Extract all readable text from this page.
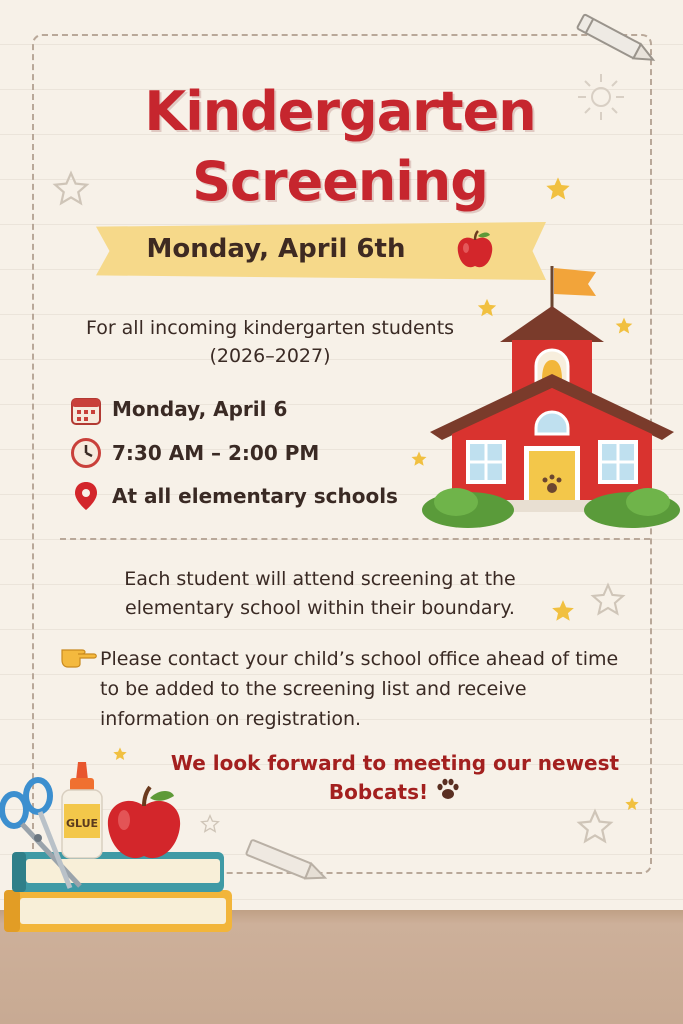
Kindergarten
Screening
Monday, April 6th
For all incoming kindergarten students (2026–2027)
Monday, April 6
7:30 AM – 2:00 PM
At all elementary schools
Each student will attend screening at the elementary school within their boundary.
Please contact your child’s school office ahead of time to be added to the screening list and receive information on registration.
We look forward to meeting our newest Bobcats!
GLUE
